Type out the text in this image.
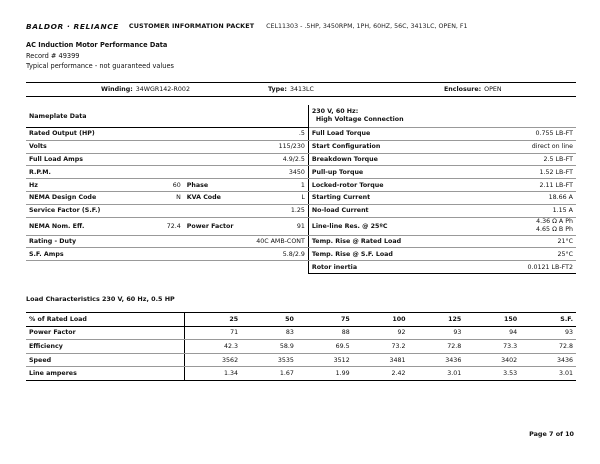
BALDOR · RELIANCE CUSTOMER INFORMATION PACKET CEL11303 - .5HP, 3450RPM, 1PH, 60HZ, 56C, 3413LC, OPEN, F1
AC Induction Motor Performance Data
Record # 49399
Typical performance - not guaranteed values
Winding: 34WGR142-R002	Type: 3413LC	Enclosure: OPEN
Nameplate Data				230 V, 60 Hz:
High Voltage Connection	

Rated Output (HP)			.5	Full Load Torque	0.755 LB-FT
Volts			115/230	Start Configuration	direct on line
Full Load Amps			4.9/2.5	Breakdown Torque	2.5 LB-FT
R.P.M.			3450	Pull-up Torque	1.52 LB-FT
Hz	60	Phase	1	Locked-rotor Torque	2.11 LB-FT
NEMA Design Code	N	KVA Code	L	Starting Current	18.66 A
Service Factor (S.F.)			1.25	No-load Current	1.15 A
NEMA Nom. Eff.	72.4	Power Factor	91	Line-line Res. @ 25ºC	4.36 Ω A Ph
4.65 Ω B Ph

Rating - Duty			40C AMB-CONT	Temp. Rise @ Rated Load	21°C
S.F. Amps			5.8/2.9	Temp. Rise @ S.F. Load	25°C
				Rotor inertia	0.0121 LB-FT2
Load Characteristics 230 V, 60 Hz, 0.5 HP
% of Rated Load	25	50	75	100	125	150	S.F.
Power Factor	71	83	88	92	93	94	93
Efficiency	42.3	58.9	69.5	73.2	72.8	73.3	72.8
Speed	3562	3535	3512	3481	3436	3402	3436
Line amperes	1.34	1.67	1.99	2.42	3.01	3.53	3.01
Page 7 of 10
